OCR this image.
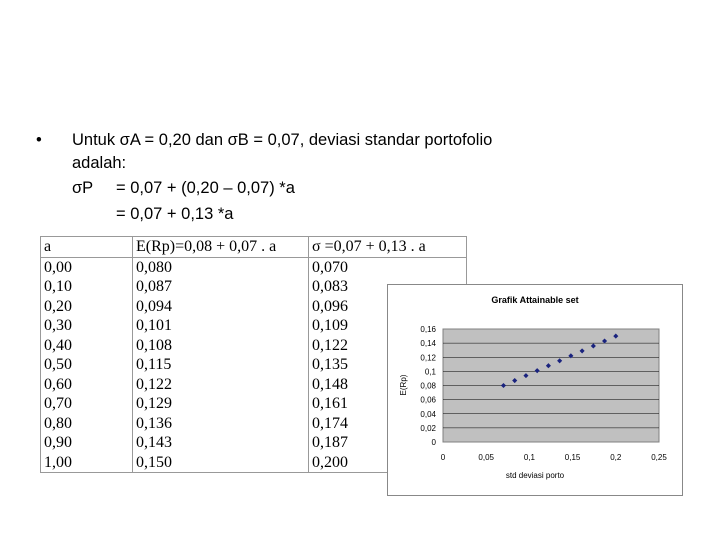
• Untuk σA = 0,20 dan σB = 0,07, deviasi standar portofolio
adalah:
σP = 0,07 + (0,20 – 0,07) *a
= 0,07 + 0,13 *a
a	E(Rp)=0,08 + 0,07 . a	σ =0,07 + 0,13 . a
0,00	0,080	0,070
0,10	0,087	0,083
0,20	0,094	0,096
0,30	0,101	0,109
0,40	0,108	0,122
0,50	0,115	0,135
0,60	0,122	0,148
0,70	0,129	0,161
0,80	0,136	0,174
0,90	0,143	0,187
1,00	0,150	0,200
0
0,02
0,04
0,06
0,08
0,1
0,12
0,14
0,16
0	0,05	0,1	0,15	0,2	0,25
Grafik Attainable set
std deviasi porto
E(Rp)
